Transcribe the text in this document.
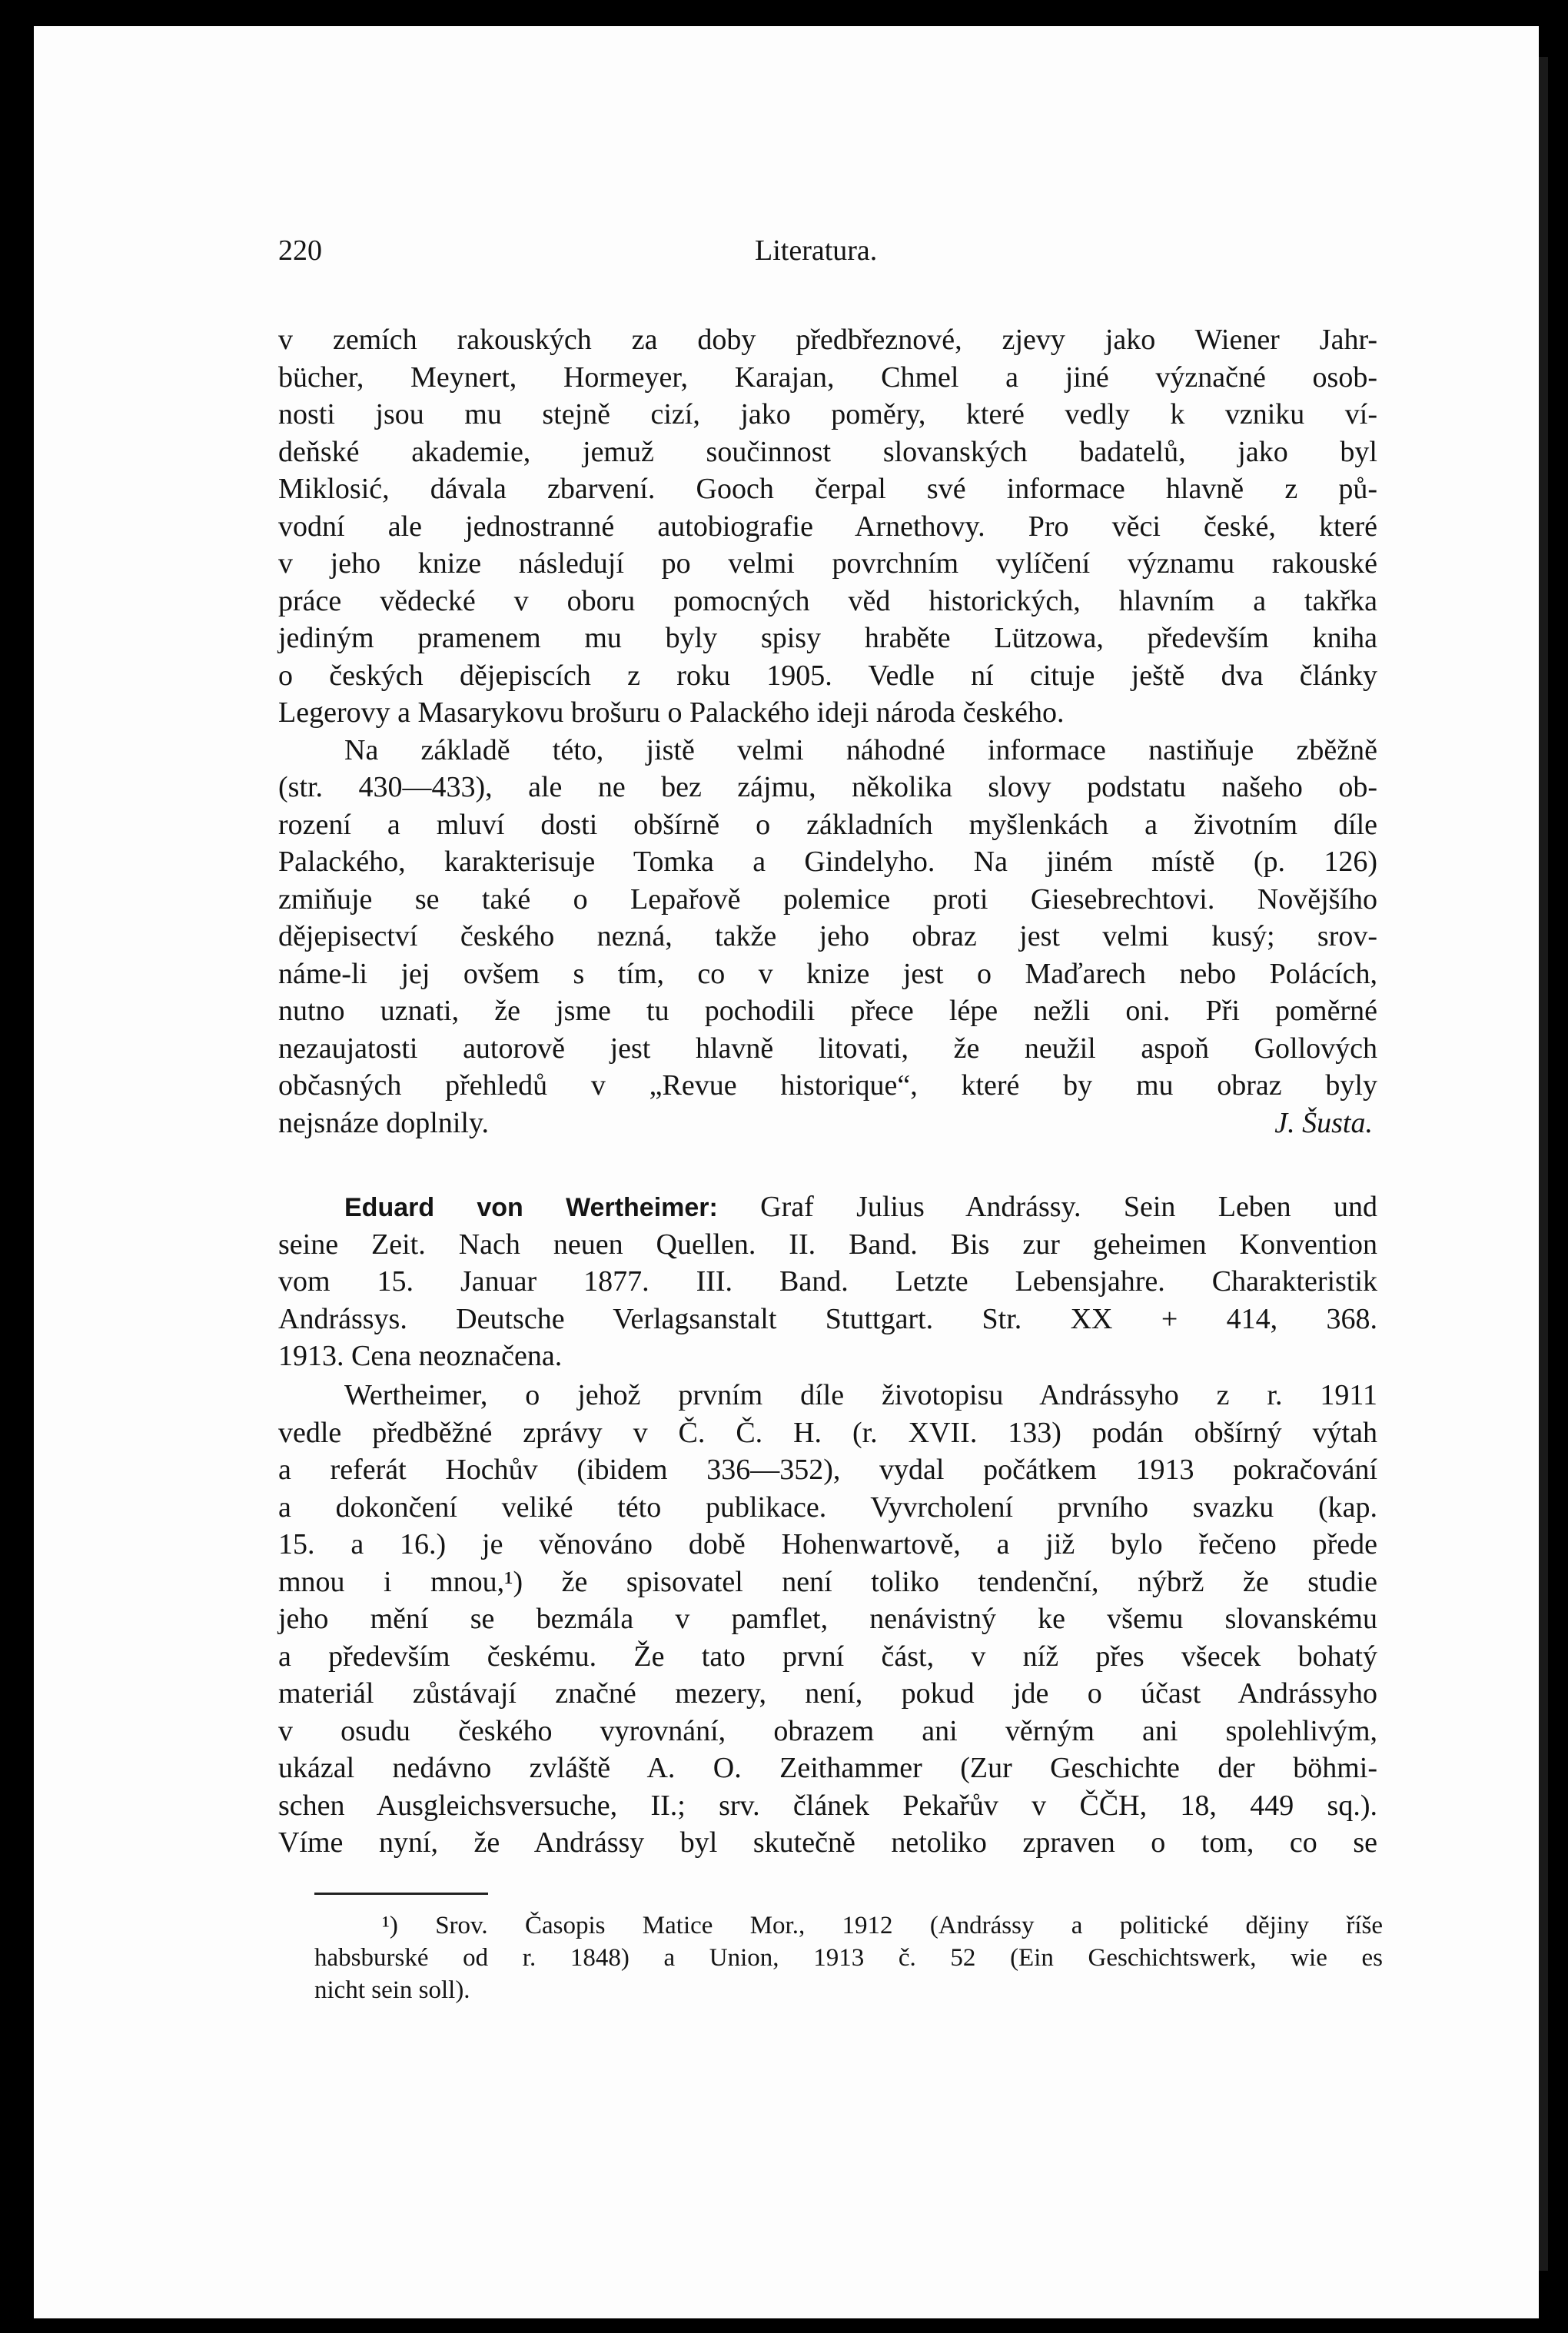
220	Literatura.
v zemích rakouských za doby předbřeznové, zjevy jako Wiener Jahr-
bücher, Meynert, Hormeyer, Karajan, Chmel a jiné význačné osob-
nosti jsou mu stejně cizí, jako poměry, které vedly k vzniku ví-
deňské akademie, jemuž součinnost slovanských badatelů, jako byl
Miklosić, dávala zbarvení. Gooch čerpal své informace hlavně z pů-
vodní ale jednostranné autobiografie Arnethovy. Pro věci české, které
v jeho knize následují po velmi povrchním vylíčení významu rakouské
práce vědecké v oboru pomocných věd historických, hlavním a takřka
jediným pramenem mu byly spisy hraběte Lützowa, především kniha
o českých dějepiscích z roku 1905. Vedle ní cituje ještě dva články
Legerovy a Masarykovu brošuru o Palackého ideji národa českého.
Na základě této, jistě velmi náhodné informace nastiňuje zběžně
(str. 430—433), ale ne bez zájmu, několika slovy podstatu našeho ob-
rození a mluví dosti obšírně o základních myšlenkách a životním díle
Palackého, karakterisuje Tomka a Gindelyho. Na jiném místě (p. 126)
zmiňuje se také o Lepařově polemice proti Giesebrechtovi. Novějšího
dějepisectví českého nezná, takže jeho obraz jest velmi kusý; srov-
náme-li jej ovšem s tím, co v knize jest o Maďarech nebo Polácích,
nutno uznati, že jsme tu pochodili přece lépe nežli oni. Při poměrné
nezaujatosti autorově jest hlavně litovati, že neužil aspoň Gollových
občasných přehledů v „Revue historique“, které by mu obraz byly
nejsnáze doplnily.	J. Šusta.
Eduard von Wertheimer: Graf Julius Andrássy. Sein Leben und
seine Zeit. Nach neuen Quellen. II. Band. Bis zur geheimen Konvention
vom 15. Januar 1877. III. Band. Letzte Lebensjahre. Charakteristik
Andrássys. Deutsche Verlagsanstalt Stuttgart. Str. XX + 414, 368.
1913. Cena neoznačena.
Wertheimer, o jehož prvním díle životopisu Andrássyho z r. 1911
vedle předběžné zprávy v Č. Č. H. (r. XVII. 133) podán obšírný výtah
a referát Hochův (ibidem 336—352), vydal počátkem 1913 pokračování
a dokončení veliké této publikace. Vyvrcholení prvního svazku (kap.
15. a 16.) je věnováno době Hohenwartově, a již bylo řečeno přede
mnou i mnou,¹) že spisovatel není toliko tendenční, nýbrž že studie
jeho mění se bezmála v pamflet, nenávistný ke všemu slovanskému
a především českému. Že tato první část, v níž přes všecek bohatý
materiál zůstávají značné mezery, není, pokud jde o účast Andrássyho
v osudu českého vyrovnání, obrazem ani věrným ani spolehlivým,
ukázal nedávno zvláště A. O. Zeithammer (Zur Geschichte der böhmi-
schen Ausgleichsversuche, II.; srv. článek Pekařův v ČČH, 18, 449 sq.).
Víme nyní, že Andrássy byl skutečně netoliko zpraven o tom, co se
¹) Srov. Časopis Matice Mor., 1912 (Andrássy a politické dějiny říše
habsburské od r. 1848) a Union, 1913 č. 52 (Ein Geschichtswerk, wie es
nicht sein soll).
